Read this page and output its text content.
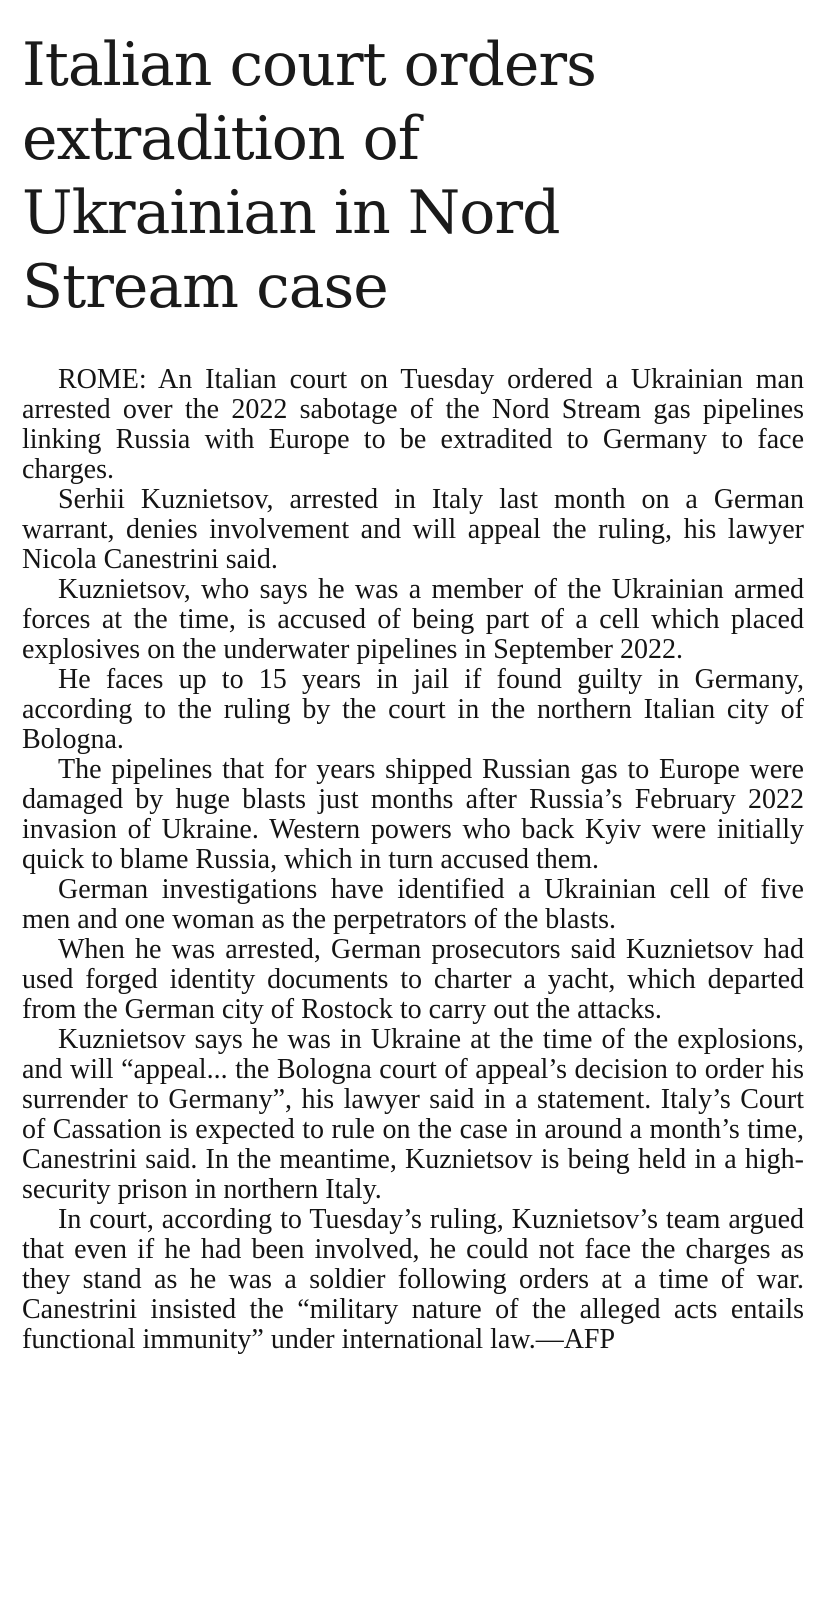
Italian court orders extradition of Ukrainian in Nord Stream case

ROME: An Italian court on Tuesday ordered a Ukrainian man arrested over the 2022 sabotage of the Nord Stream gas pipelines linking Russia with Europe to be extradited to Germany to face charges.

Serhii Kuznietsov, arrested in Italy last month on a German warrant, denies involvement and will appeal the ruling, his lawyer Nicola Canestrini said.

Kuznietsov, who says he was a member of the Ukrainian armed forces at the time, is accused of being part of a cell which placed explosives on the underwater pipelines in September 2022.

He faces up to 15 years in jail if found guilty in Germany, according to the ruling by the court in the northern Italian city of Bologna.

The pipelines that for years shipped Russian gas to Europe were damaged by huge blasts just months after Russia’s February 2022 invasion of Ukraine. Western powers who back Kyiv were initially quick to blame Russia, which in turn accused them.

German investigations have identified a Ukrainian cell of five men and one woman as the perpetrators of the blasts.

When he was arrested, German prosecutors said Kuznietsov had used forged identity documents to charter a yacht, which departed from the German city of Rostock to carry out the attacks.

Kuznietsov says he was in Ukraine at the time of the explosions, and will “appeal... the Bologna court of appeal’s decision to order his surrender to Germany”, his lawyer said in a statement. Italy’s Court of Cassation is expected to rule on the case in around a month’s time, Canestrini said. In the meantime, Kuznietsov is being held in a high-security prison in northern Italy.

In court, according to Tuesday’s ruling, Kuznietsov’s team argued that even if he had been involved, he could not face the charges as they stand as he was a soldier following orders at a time of war. Canestrini insisted the “military nature of the alleged acts entails functional immunity” under international law.—AFP
